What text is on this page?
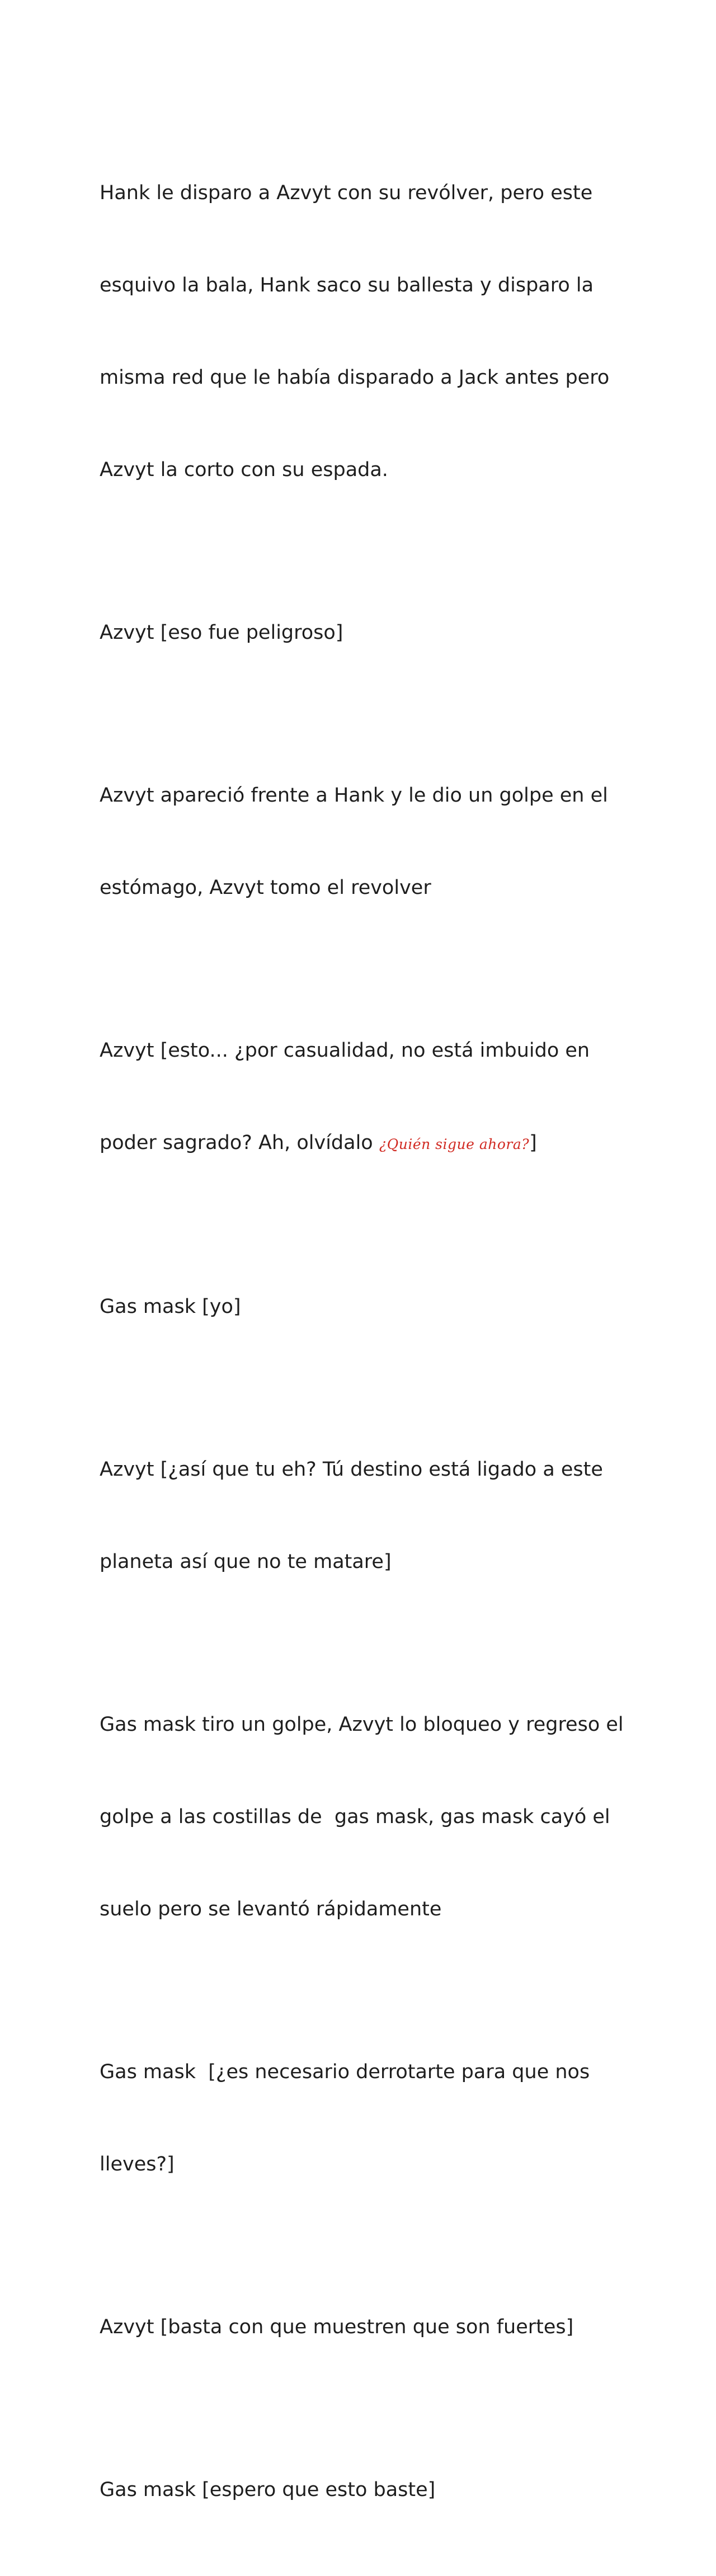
Hank le disparo a Azvyt con su revólver, pero este

esquivo la bala, Hank saco su ballesta y disparo la

misma red que le había disparado a Jack antes pero

Azvyt la corto con su espada.

Azvyt [eso fue peligroso]

Azvyt apareció frente a Hank y le dio un golpe en el

estómago, Azvyt tomo el revolver

Azvyt [esto... ¿por casualidad, no está imbuido en

poder sagrado? Ah, olvídalo ¿Quién sigue ahora?]

Gas mask [yo]

Azvyt [¿así que tu eh? Tú destino está ligado a este

planeta así que no te matare]

Gas mask tiro un golpe, Azvyt lo bloqueo y regreso el

golpe a las costillas de  gas mask, gas mask cayó el

suelo pero se levantó rápidamente

Gas mask  [¿es necesario derrotarte para que nos

lleves?]

Azvyt [basta con que muestren que son fuertes]

Gas mask [espero que esto baste]
